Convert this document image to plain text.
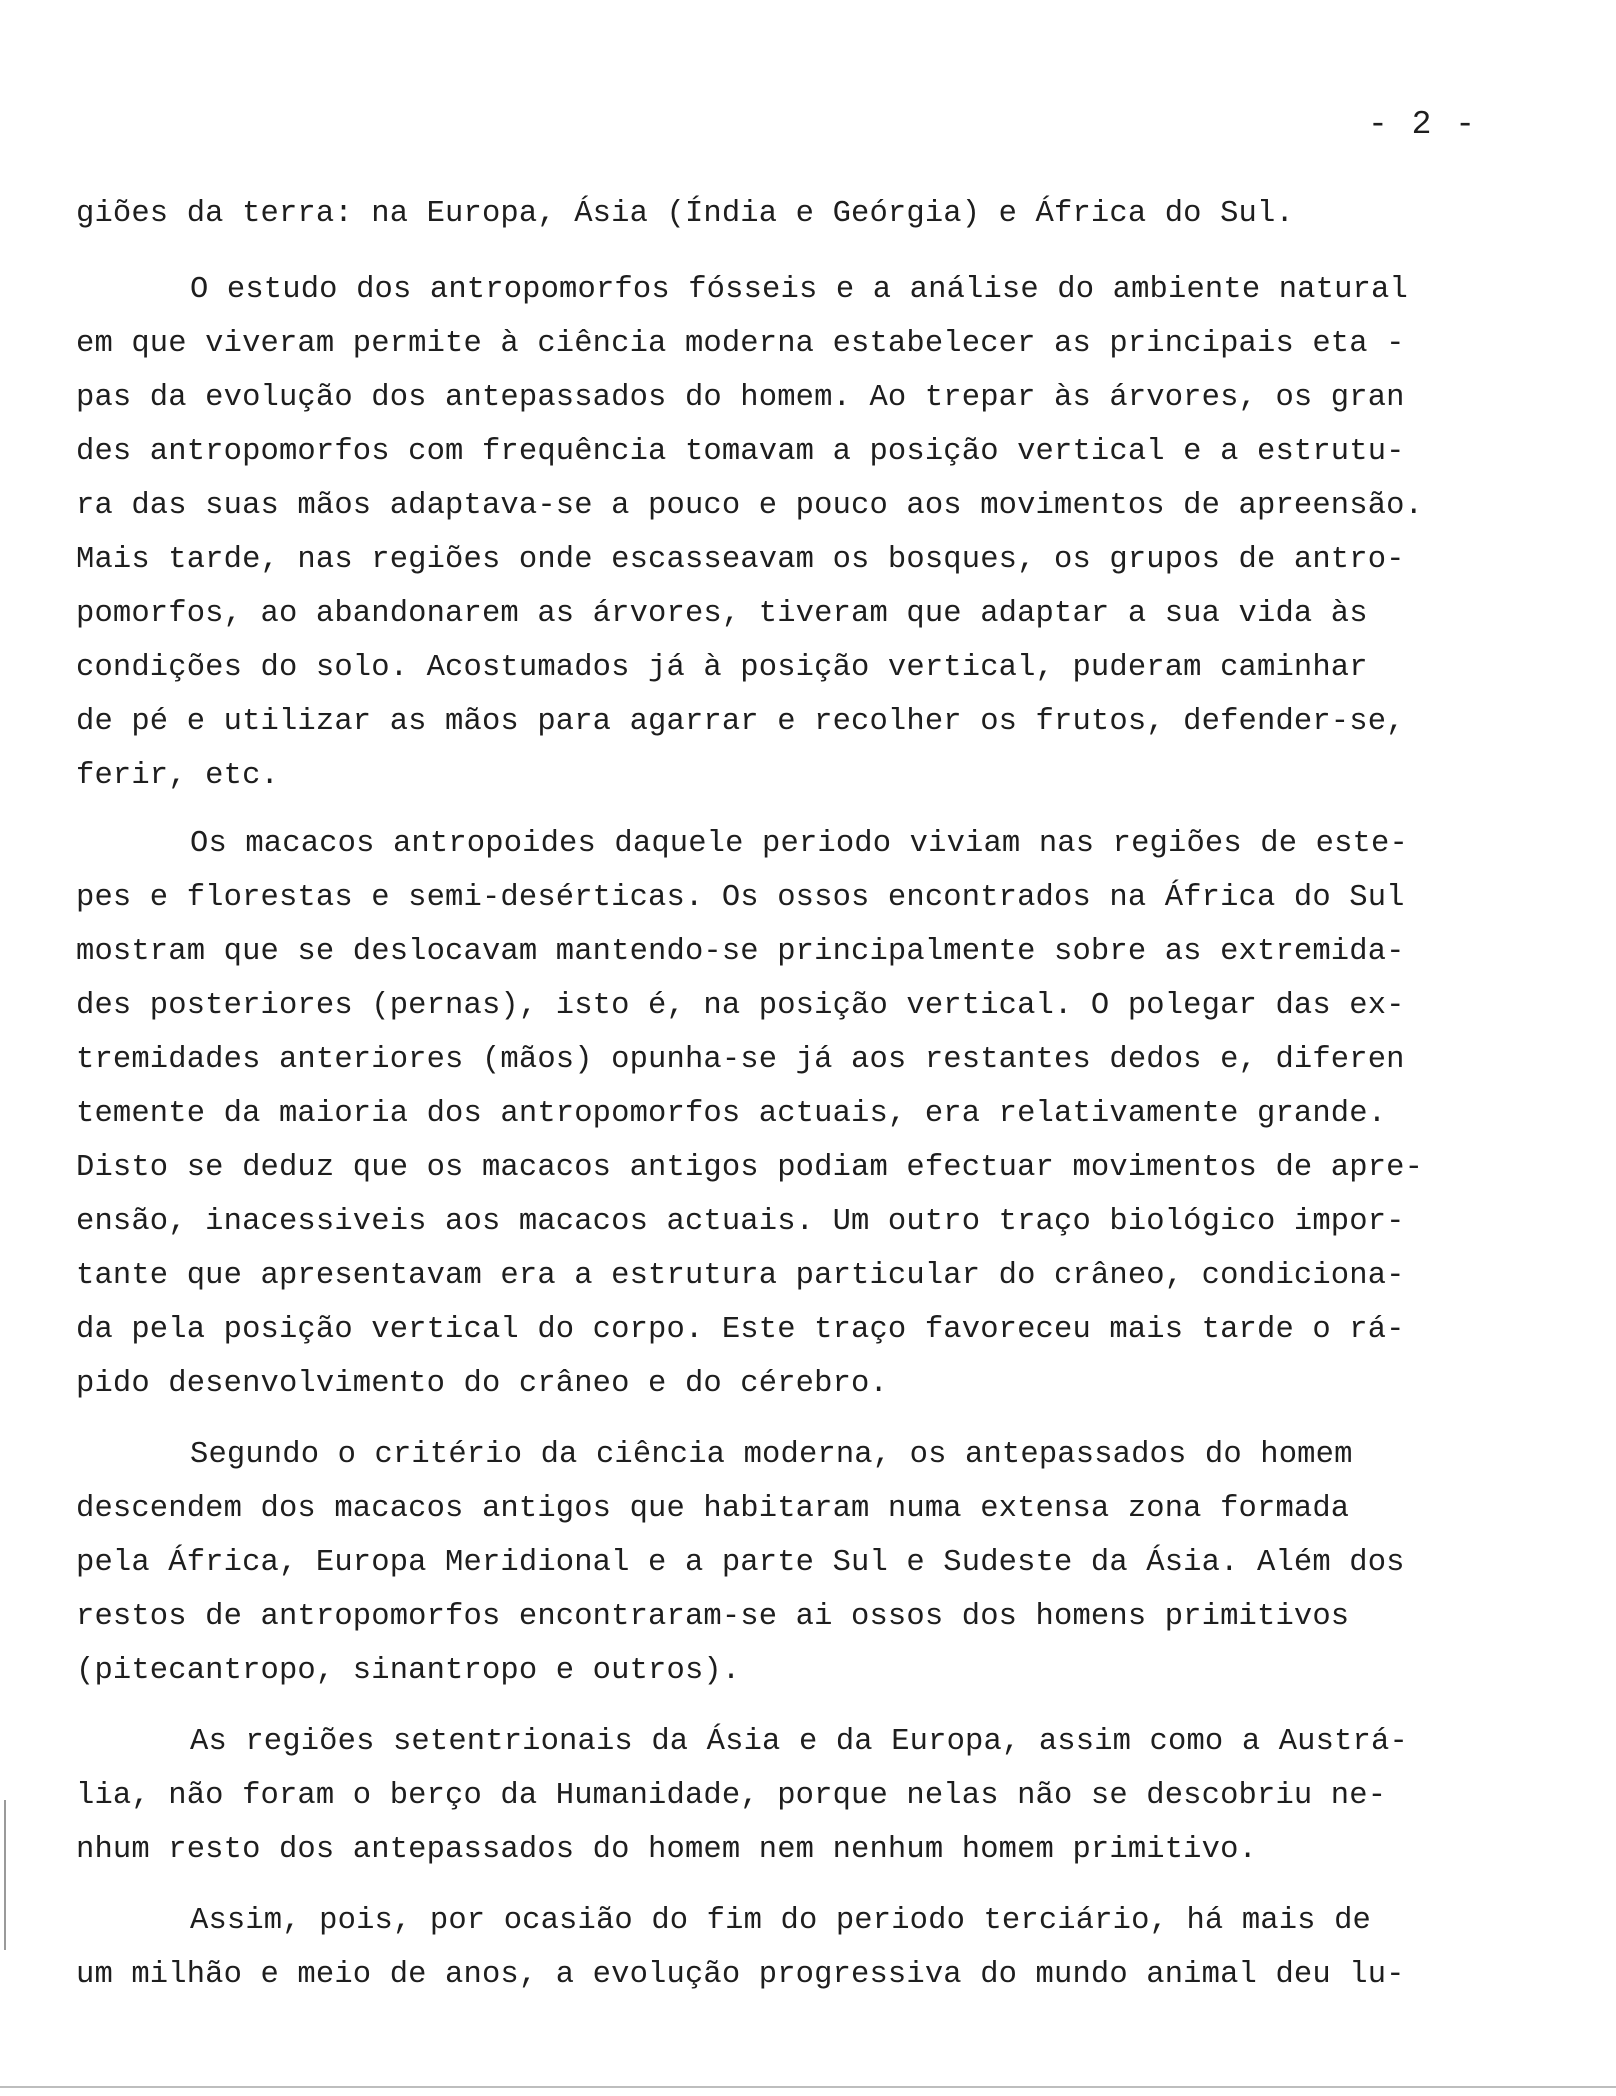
- 2 -
giões da terra: na Europa, Ásia (Índia e Geórgia) e África do Sul.
O estudo dos antropomorfos fósseis e a análise do ambiente natural
em que viveram permite à ciência moderna estabelecer as principais eta -
pas da evolução dos antepassados do homem. Ao trepar às árvores, os gran
des antropomorfos com frequência tomavam a posição vertical e a estrutu-
ra das suas mãos adaptava-se a pouco e pouco aos movimentos de apreensão.
Mais tarde, nas regiões onde escasseavam os bosques, os grupos de antro-
pomorfos, ao abandonarem as árvores, tiveram que adaptar a sua vida às
condições do solo. Acostumados já à posição vertical, puderam caminhar
de pé e utilizar as mãos para agarrar e recolher os frutos, defender-se,
ferir, etc.
Os macacos antropoides daquele periodo viviam nas regiões de este-
pes e florestas e semi-desérticas. Os ossos encontrados na África do Sul
mostram que se deslocavam mantendo-se principalmente sobre as extremida-
des posteriores (pernas), isto é, na posição vertical. O polegar das ex-
tremidades anteriores (mãos) opunha-se já aos restantes dedos e, diferen
temente da maioria dos antropomorfos actuais, era relativamente grande.
Disto se deduz que os macacos antigos podiam efectuar movimentos de apre-
ensão, inacessiveis aos macacos actuais. Um outro traço biológico impor-
tante que apresentavam era a estrutura particular do crâneo, condiciona-
da pela posição vertical do corpo. Este traço favoreceu mais tarde o rá-
pido desenvolvimento do crâneo e do cérebro.
Segundo o critério da ciência moderna, os antepassados do homem
descendem dos macacos antigos que habitaram numa extensa zona formada
pela África, Europa Meridional e a parte Sul e Sudeste da Ásia. Além dos
restos de antropomorfos encontraram-se ai ossos dos homens primitivos
(pitecantropo, sinantropo e outros).
As regiões setentrionais da Ásia e da Europa, assim como a Austrá-
lia, não foram o berço da Humanidade, porque nelas não se descobriu ne-
nhum resto dos antepassados do homem nem nenhum homem primitivo.
Assim, pois, por ocasião do fim do periodo terciário, há mais de
um milhão e meio de anos, a evolução progressiva do mundo animal deu lu-
